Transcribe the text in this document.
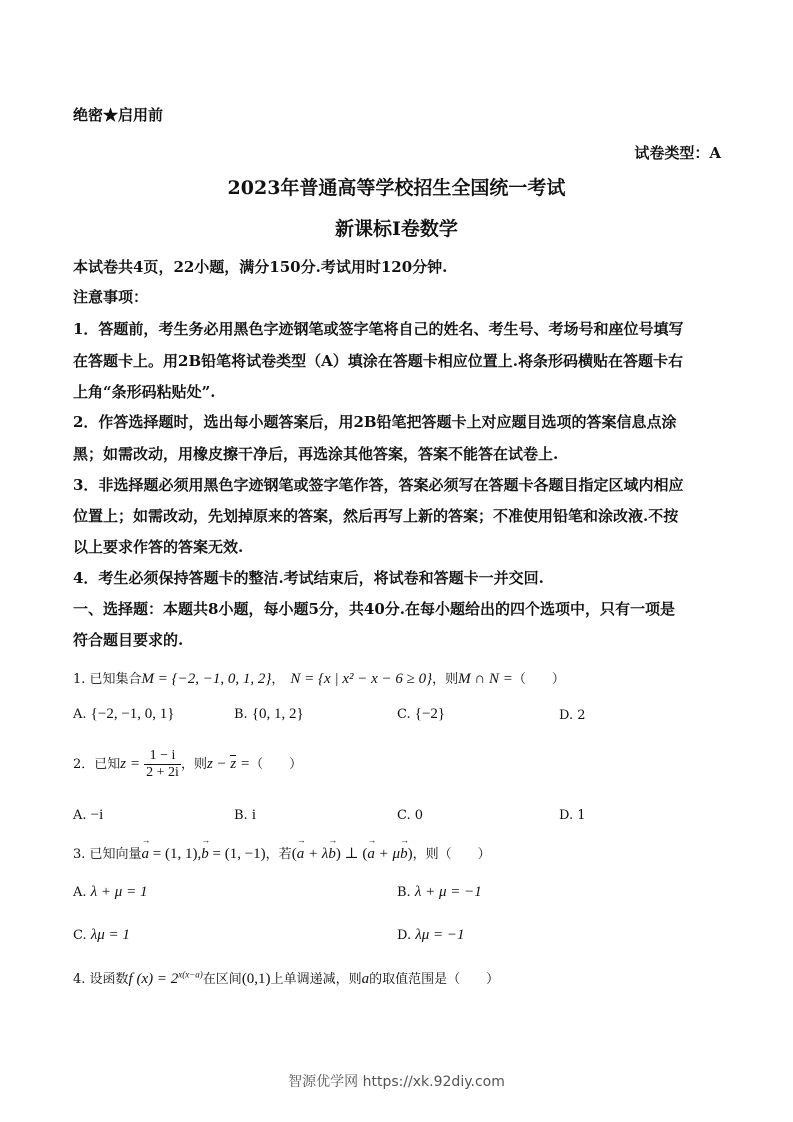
绝密★启用前
试卷类型：A
2023年普通高等学校招生全国统一考试
新课标Ⅰ卷数学
本试卷共4页，22小题，满分150分.考试用时120分钟.
注意事项：
1．答题前，考生务必用黑色字迹钢笔或签字笔将自己的姓名、考生号、考场号和座位号填写
在答题卡上。用2B铅笔将试卷类型（A）填涂在答题卡相应位置上.将条形码横贴在答题卡右
上角“条形码粘贴处”.
2．作答选择题时，选出每小题答案后，用2B铅笔把答题卡上对应题目选项的答案信息点涂
黑；如需改动，用橡皮擦干净后，再选涂其他答案，答案不能答在试卷上.
3．非选择题必须用黑色字迹钢笔或签字笔作答，答案必须写在答题卡各题目指定区域内相应
位置上；如需改动，先划掉原来的答案，然后再写上新的答案；不准使用铅笔和涂改液.不按
以上要求作答的答案无效.
4．考生必须保持答题卡的整洁.考试结束后，将试卷和答题卡一并交回.
一、选择题：本题共8小题，每小题5分，共40分.在每小题给出的四个选项中，只有一项是
符合题目要求的.
1. 已知集合M = {−2, −1, 0, 1, 2}， N = {x | x² − x − 6 ≥ 0}，则M ∩ N =（　　）
A. {−2, −1, 0, 1}	B. {0, 1, 2}	C. {−2}	D. 2
2．已知$z = \frac{1 - i}{2 + 2i}$ ，则z − z =（　　）
A. −i	B. i	C. 0	D. 1
3. 已知向量→ a = (1, 1),→ b = (1, −1)，若(→ a + λ→ b) ⊥ (→ a + μ→ b)，则（　　）
A. λ + μ = 1	B. λ + μ = −1
C. λμ = 1	D. λμ = −1
4. 设函数f $(x) = 2^{x(x-a)}$在区间(0,1)上单调递减，则a的取值范围是（　　）
智源优学网 https://xk.92diy.com
